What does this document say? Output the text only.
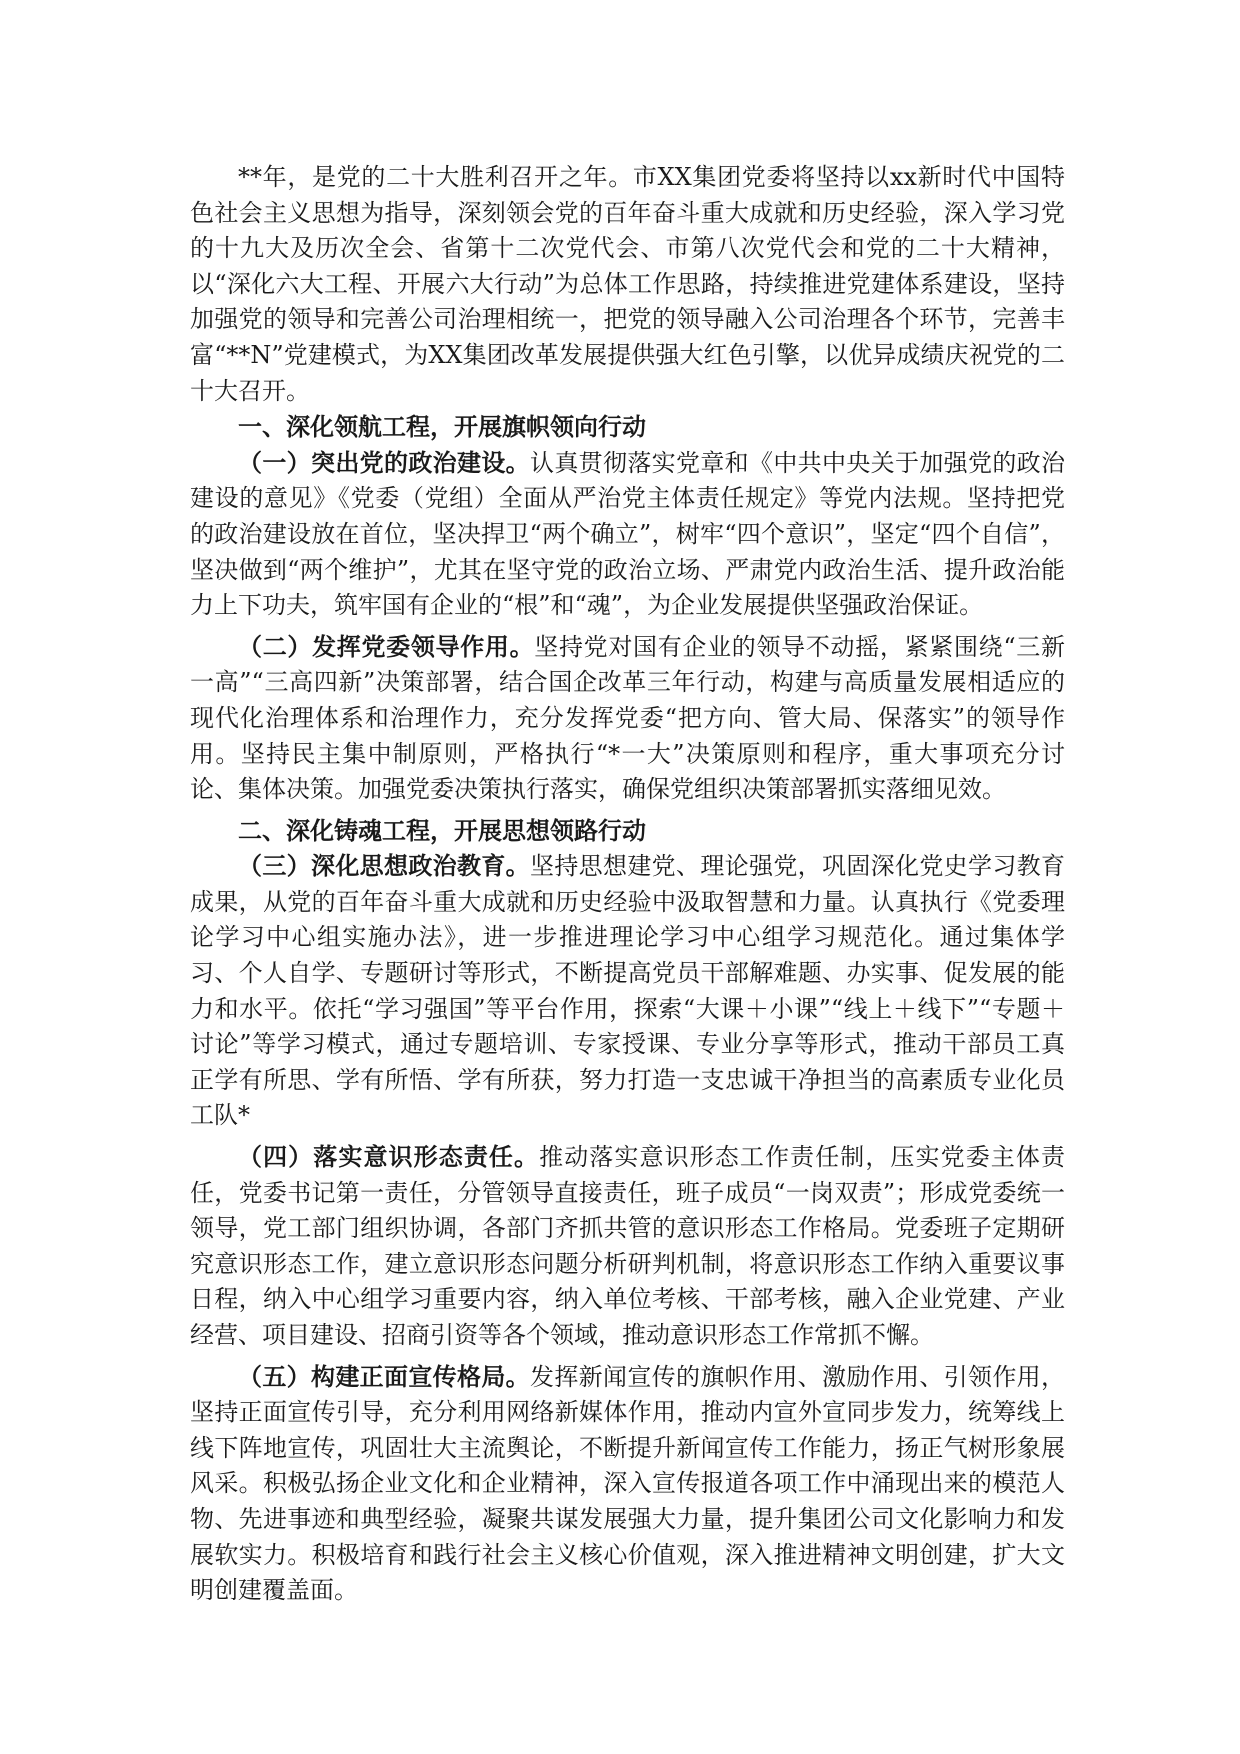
**年，是党的二十大胜利召开之年。市XX集团党委将坚持以xx新时代中国特色社会主义思想为指导，深刻领会党的百年奋斗重大成就和历史经验，深入学习党的十九大及历次全会、省第十二次党代会、市第八次党代会和党的二十大精神，以“深化六大工程、开展六大行动”为总体工作思路，持续推进党建体系建设，坚持加强党的领导和完善公司治理相统一，把党的领导融入公司治理各个环节，完善丰富“**N”党建模式，为XX集团改革发展提供强大红色引擎，以优异成绩庆祝党的二十大召开。

一、深化领航工程，开展旗帜领向行动

（一）突出党的政治建设。认真贯彻落实党章和《中共中央关于加强党的政治建设的意见》《党委（党组）全面从严治党主体责任规定》等党内法规。坚持把党的政治建设放在首位，坚决捍卫“两个确立”，树牢“四个意识”，坚定“四个自信”，坚决做到“两个维护”，尤其在坚守党的政治立场、严肃党内政治生活、提升政治能力上下功夫，筑牢国有企业的“根”和“魂”，为企业发展提供坚强政治保证。

（二）发挥党委领导作用。坚持党对国有企业的领导不动摇，紧紧围绕“三新一高”“三高四新”决策部署，结合国企改革三年行动，构建与高质量发展相适应的现代化治理体系和治理作力，充分发挥党委“把方向、管大局、保落实”的领导作用。坚持民主集中制原则，严格执行“*一大”决策原则和程序，重大事项充分讨论、集体决策。加强党委决策执行落实，确保党组织决策部署抓实落细见效。

二、深化铸魂工程，开展思想领路行动

（三）深化思想政治教育。坚持思想建党、理论强党，巩固深化党史学习教育成果，从党的百年奋斗重大成就和历史经验中汲取智慧和力量。认真执行《党委理论学习中心组实施办法》，进一步推进理论学习中心组学习规范化。通过集体学习、个人自学、专题研讨等形式，不断提高党员干部解难题、办实事、促发展的能力和水平。依托“学习强国”等平台作用，探索“大课＋小课”“线上＋线下”“专题＋讨论”等学习模式，通过专题培训、专家授课、专业分享等形式，推动干部员工真正学有所思、学有所悟、学有所获，努力打造一支忠诚干净担当的高素质专业化员工队*

（四）落实意识形态责任。推动落实意识形态工作责任制，压实党委主体责任，党委书记第一责任，分管领导直接责任，班子成员“一岗双责”；形成党委统一领导，党工部门组织协调，各部门齐抓共管的意识形态工作格局。党委班子定期研究意识形态工作，建立意识形态问题分析研判机制，将意识形态工作纳入重要议事日程，纳入中心组学习重要内容，纳入单位考核、干部考核，融入企业党建、产业经营、项目建设、招商引资等各个领域，推动意识形态工作常抓不懈。

（五）构建正面宣传格局。发挥新闻宣传的旗帜作用、激励作用、引领作用，坚持正面宣传引导，充分利用网络新媒体作用，推动内宣外宣同步发力，统筹线上线下阵地宣传，巩固壮大主流舆论，不断提升新闻宣传工作能力，扬正气树形象展风采。积极弘扬企业文化和企业精神，深入宣传报道各项工作中涌现出来的模范人物、先进事迹和典型经验，凝聚共谋发展强大力量，提升集团公司文化影响力和发展软实力。积极培育和践行社会主义核心价值观，深入推进精神文明创建，扩大文明创建覆盖面。
